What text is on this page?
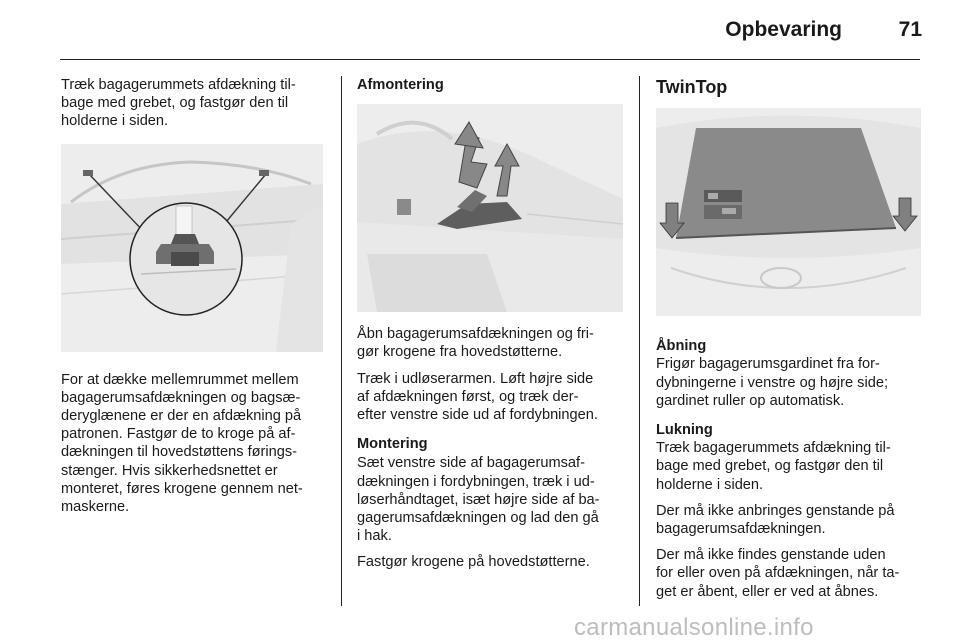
Opbevaring	71

Træk bagagerummets afdækning til-
bage med grebet, og fastgør den til
holderne i siden.

For at dække mellemrummet mellem
bagagerumsafdækningen og bagsæ-
deryglænene er der en afdækning på
patronen. Fastgør de to kroge på af-
dækningen til hovedstøttens førings-
stænger. Hvis sikkerhedsnettet er
monteret, føres krogene gennem net-
maskerne.

Afmontering

Åbn bagagerumsafdækningen og fri-
gør krogene fra hovedstøtterne.

Træk i udløserarmen. Løft højre side
af afdækningen først, og træk der-
efter venstre side ud af fordybningen.

Montering

Sæt venstre side af bagagerumsaf-
dækningen i fordybningen, træk i ud-
løserhåndtaget, isæt højre side af ba-
gagerumsafdækningen og lad den gå
i hak.

Fastgør krogene på hovedstøtterne.

TwinTop
Åbning

Frigør bagagerumsgardinet fra for-
dybningerne i venstre og højre side;
gardinet ruller op automatisk.

Lukning

Træk bagagerummets afdækning til-
bage med grebet, og fastgør den til
holderne i siden.

Der må ikke anbringes genstande på
bagagerumsafdækningen.

Der må ikke findes genstande uden
for eller oven på afdækningen, når ta-
get er åbent, eller er ved at åbnes.

carmanualsonline.info
